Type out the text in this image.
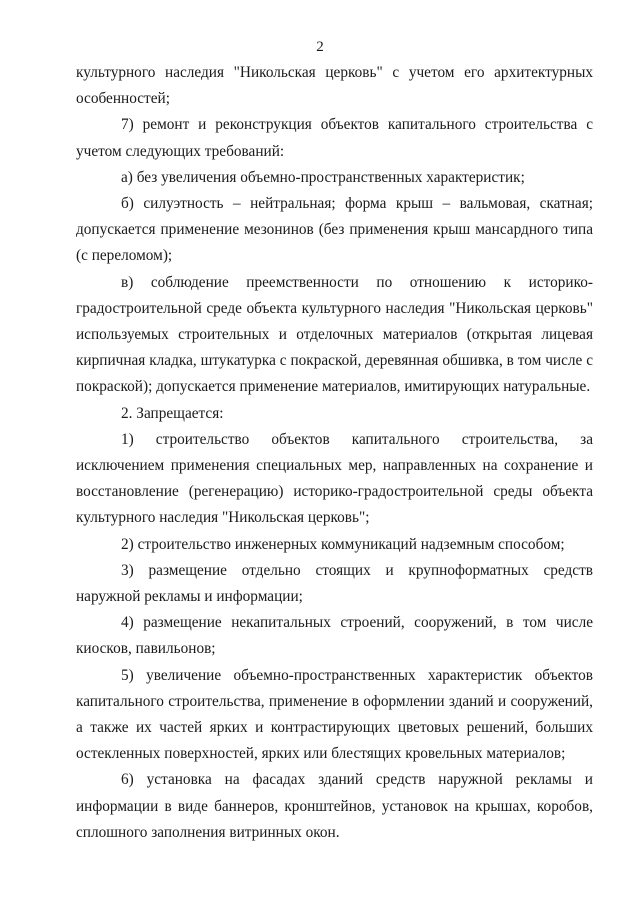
2

культурного наследия "Никольская церковь" с учетом его архитектурных особенностей;

7) ремонт и реконструкция объектов капитального строительства с учетом следующих требований:

а) без увеличения объемно-пространственных характеристик;

б) силуэтность – нейтральная; форма крыш – вальмовая, скатная; допускается применение мезонинов (без применения крыш мансардного типа (с переломом);

в) соблюдение преемственности по отношению к историко-градостроительной среде объекта культурного наследия "Никольская церковь" используемых строительных и отделочных материалов (открытая лицевая кирпичная кладка, штукатурка с покраской, деревянная обшивка, в том числе с покраской); допускается применение материалов, имитирующих натуральные.

2. Запрещается:

1) строительство объектов капитального строительства, за исключением применения специальных мер, направленных на сохранение и восстановление (регенерацию) историко-градостроительной среды объекта культурного наследия "Никольская церковь";

2) строительство инженерных коммуникаций надземным способом;

3) размещение отдельно стоящих и крупноформатных средств наружной рекламы и информации;

4) размещение некапитальных строений, сооружений, в том числе киосков, павильонов;

5) увеличение объемно-пространственных характеристик объектов капитального строительства, применение в оформлении зданий и сооружений, а также их частей ярких и контрастирующих цветовых решений, больших остекленных поверхностей, ярких или блестящих кровельных материалов;

6) установка на фасадах зданий средств наружной рекламы и информации в виде баннеров, кронштейнов, установок на крышах, коробов, сплошного заполнения витринных окон.
